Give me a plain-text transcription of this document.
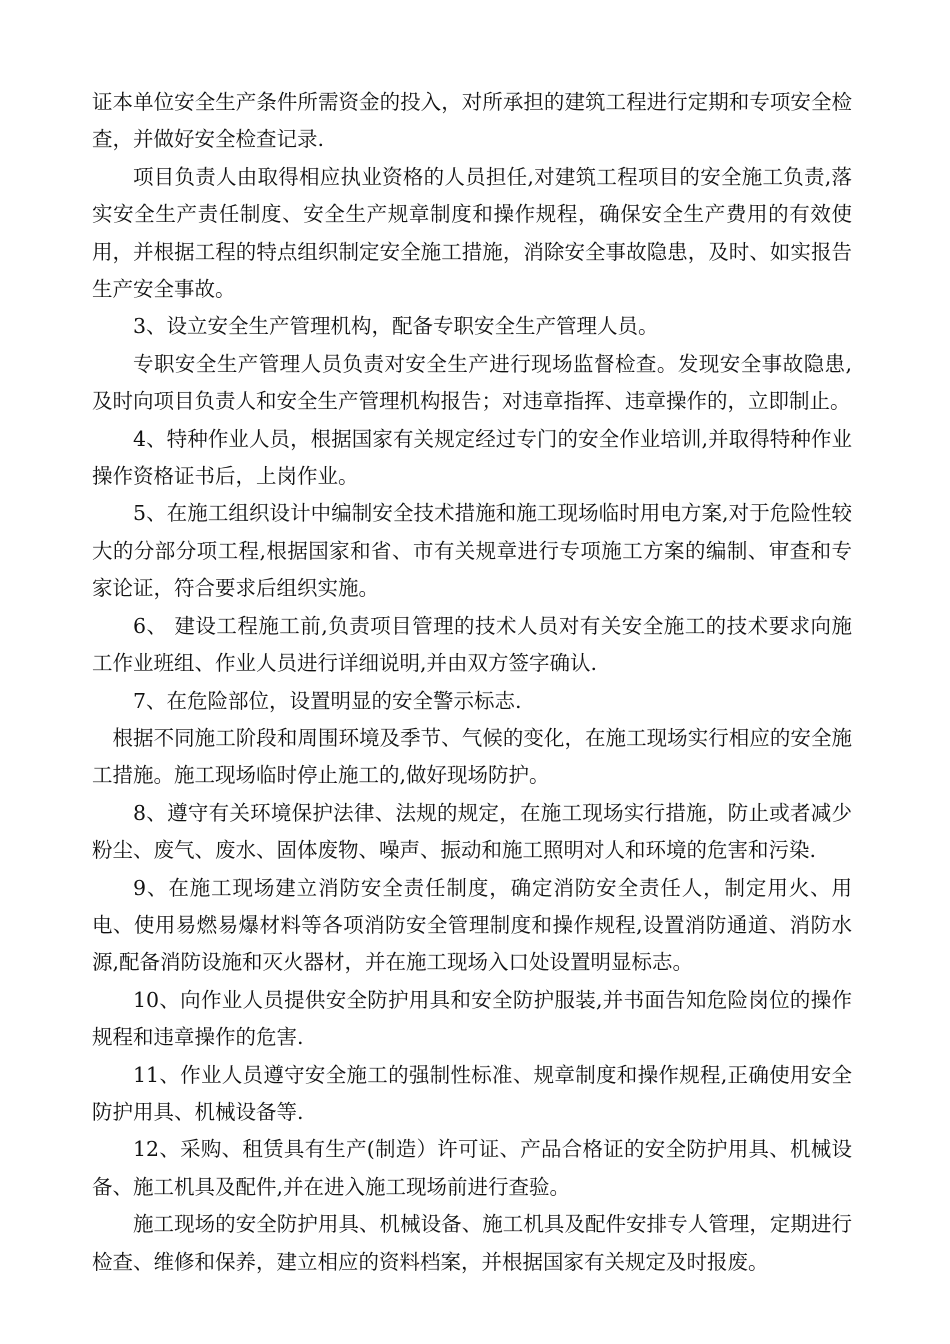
证本单位安全生产条件所需资金的投入，对所承担的建筑工程进行定期和专项安全检查，并做好安全检查记录.

项目负责人由取得相应执业资格的人员担任,对建筑工程项目的安全施工负责,落实安全生产责任制度、安全生产规章制度和操作规程，确保安全生产费用的有效使用，并根据工程的特点组织制定安全施工措施，消除安全事故隐患，及时、如实报告生产安全事故。

3、设立安全生产管理机构，配备专职安全生产管理人员。

专职安全生产管理人员负责对安全生产进行现场监督检查。发现安全事故隐患,及时向项目负责人和安全生产管理机构报告；对违章指挥、违章操作的，立即制止。

4、特种作业人员，根据国家有关规定经过专门的安全作业培训,并取得特种作业操作资格证书后，上岗作业。

5、在施工组织设计中编制安全技术措施和施工现场临时用电方案,对于危险性较大的分部分项工程,根据国家和省、市有关规章进行专项施工方案的编制、审查和专家论证，符合要求后组织实施。

6、 建设工程施工前,负责项目管理的技术人员对有关安全施工的技术要求向施工作业班组、作业人员进行详细说明,并由双方签字确认.

7、在危险部位，设置明显的安全警示标志.

根据不同施工阶段和周围环境及季节、气候的变化，在施工现场实行相应的安全施工措施。施工现场临时停止施工的,做好现场防护。

8、遵守有关环境保护法律、法规的规定，在施工现场实行措施，防止或者减少粉尘、废气、废水、固体废物、噪声、振动和施工照明对人和环境的危害和污染.

9、在施工现场建立消防安全责任制度，确定消防安全责任人，制定用火、用电、使用易燃易爆材料等各项消防安全管理制度和操作规程,设置消防通道、消防水源,配备消防设施和灭火器材，并在施工现场入口处设置明显标志。

10、向作业人员提供安全防护用具和安全防护服装,并书面告知危险岗位的操作规程和违章操作的危害.

11、作业人员遵守安全施工的强制性标准、规章制度和操作规程,正确使用安全防护用具、机械设备等.

12、采购、租赁具有生产(制造）许可证、产品合格证的安全防护用具、机械设备、施工机具及配件,并在进入施工现场前进行查验。

施工现场的安全防护用具、机械设备、施工机具及配件安排专人管理，定期进行检查、维修和保养，建立相应的资料档案，并根据国家有关规定及时报废。
